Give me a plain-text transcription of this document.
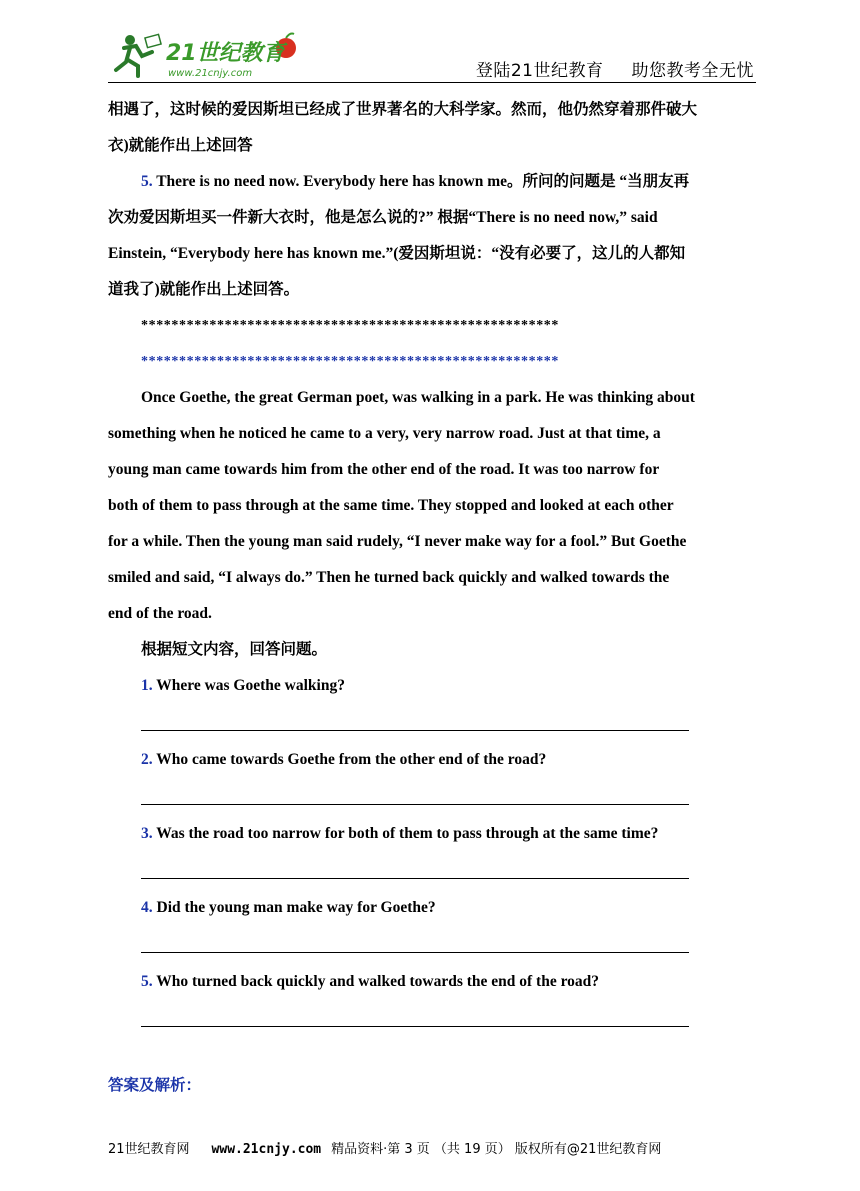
21世纪教育
www.21cnjy.com	登陆21世纪教育 助您教考全无忧
相遇了，这时候的爱因斯坦已经成了世界著名的大科学家。然而，他仍然穿着那件破大
衣)就能作出上述回答
5. There is no need now. Everybody here has known me。所问的问题是 “当朋友再
次劝爱因斯坦买一件新大衣时，他是怎么说的?” 根据“There is no need now,” said
Einstein, “Everybody here has known me.”(爱因斯坦说：“没有必要了，这儿的人都知
道我了)就能作出上述回答。
*******************************************************
*******************************************************
Once Goethe, the great German poet, was walking in a park. He was thinking about
something when he noticed he came to a very, very narrow road. Just at that time, a
young man came towards him from the other end of the road. It was too narrow for
both of them to pass through at the same time. They stopped and looked at each other
for a while. Then the young man said rudely, “I never make way for a fool.” But Goethe
smiled and said, “I always do.” Then he turned back quickly and walked towards the
end of the road.
根据短文内容，回答问题。
1. Where was Goethe walking?
2. Who came towards Goethe from the other end of the road?
3. Was the road too narrow for both of them to pass through at the same time?
4. Did the young man make way for Goethe?
5. Who turned back quickly and walked towards the end of the road?
答案及解析：
21世纪教育网 www.21cnjy.com 精品资料·第 3 页 （共 19 页） 版权所有@21世纪教育网
